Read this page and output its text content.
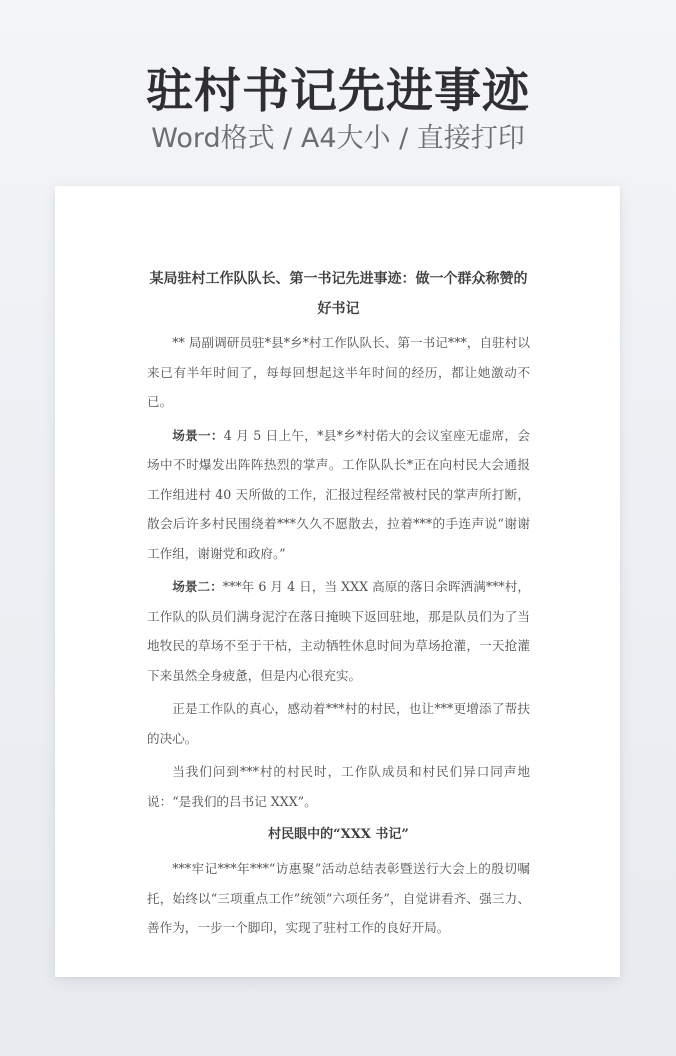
驻村书记先进事迹
Word格式 / A4大小 / 直接打印
某局驻村工作队队长、第一书记先进事迹：做一个群众称赞的好书记

** 局副调研员驻*县*乡*村工作队队长、第一书记***，自驻村以来已有半年时间了，每每回想起这半年时间的经历，都让她激动不已。

场景一：4 月 5 日上午，*县*乡*村偌大的会议室座无虚席，会场中不时爆发出阵阵热烈的掌声。工作队队长*正在向村民大会通报工作组进村 40 天所做的工作，汇报过程经常被村民的掌声所打断，散会后许多村民围绕着***久久不愿散去，拉着***的手连声说“谢谢工作组，谢谢党和政府。”

场景二：***年 6 月 4 日，当 XXX 高原的落日余晖洒满***村，工作队的队员们满身泥泞在落日掩映下返回驻地，那是队员们为了当地牧民的草场不至于干枯，主动牺牲休息时间为草场抢灌，一天抢灌下来虽然全身疲惫，但是内心很充实。

正是工作队的真心，感动着***村的村民，也让***更增添了帮扶的决心。

当我们问到***村的村民时，工作队成员和村民们异口同声地说：“是我们的吕书记 XXX”。

村民眼中的“XXX 书记”

***牢记***年***“访惠聚”活动总结表彰暨送行大会上的殷切嘱托，始终以“三项重点工作”统领“六项任务”，自觉讲看齐、强三力、善作为，一步一个脚印，实现了驻村工作的良好开局。
